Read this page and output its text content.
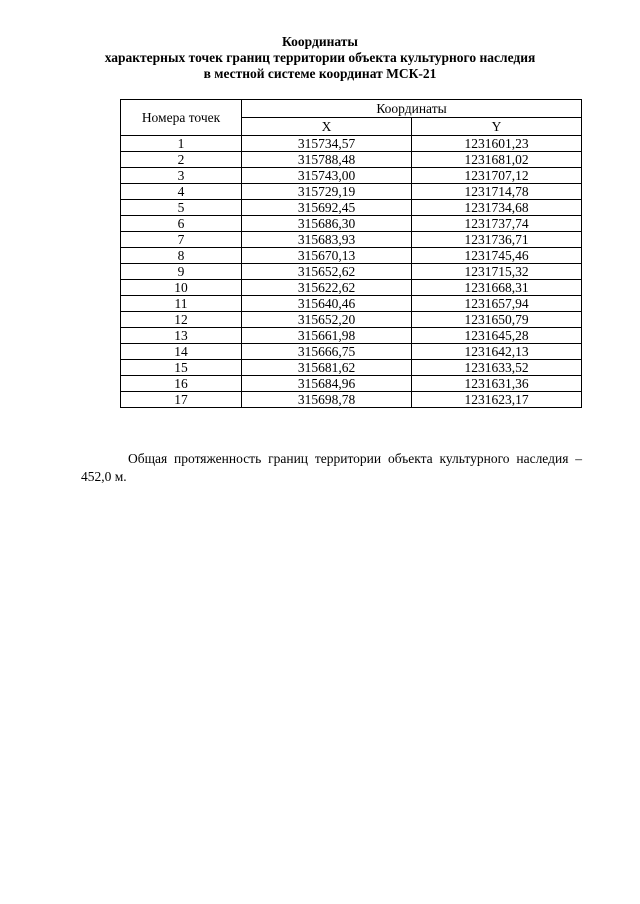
Координаты
характерных точек границ территории объекта культурного наследия
в местной системе координат МСК-21
Номера точек	Координаты	
	X	Y
1	315734,57	1231601,23
2	315788,48	1231681,02
3	315743,00	1231707,12
4	315729,19	1231714,78
5	315692,45	1231734,68
6	315686,30	1231737,74
7	315683,93	1231736,71
8	315670,13	1231745,46
9	315652,62	1231715,32
10	315622,62	1231668,31
11	315640,46	1231657,94
12	315652,20	1231650,79
13	315661,98	1231645,28
14	315666,75	1231642,13
15	315681,62	1231633,52
16	315684,96	1231631,36
17	315698,78	1231623,17

Общая протяженность границ территории объекта культурного наследия – 452,0 м.
